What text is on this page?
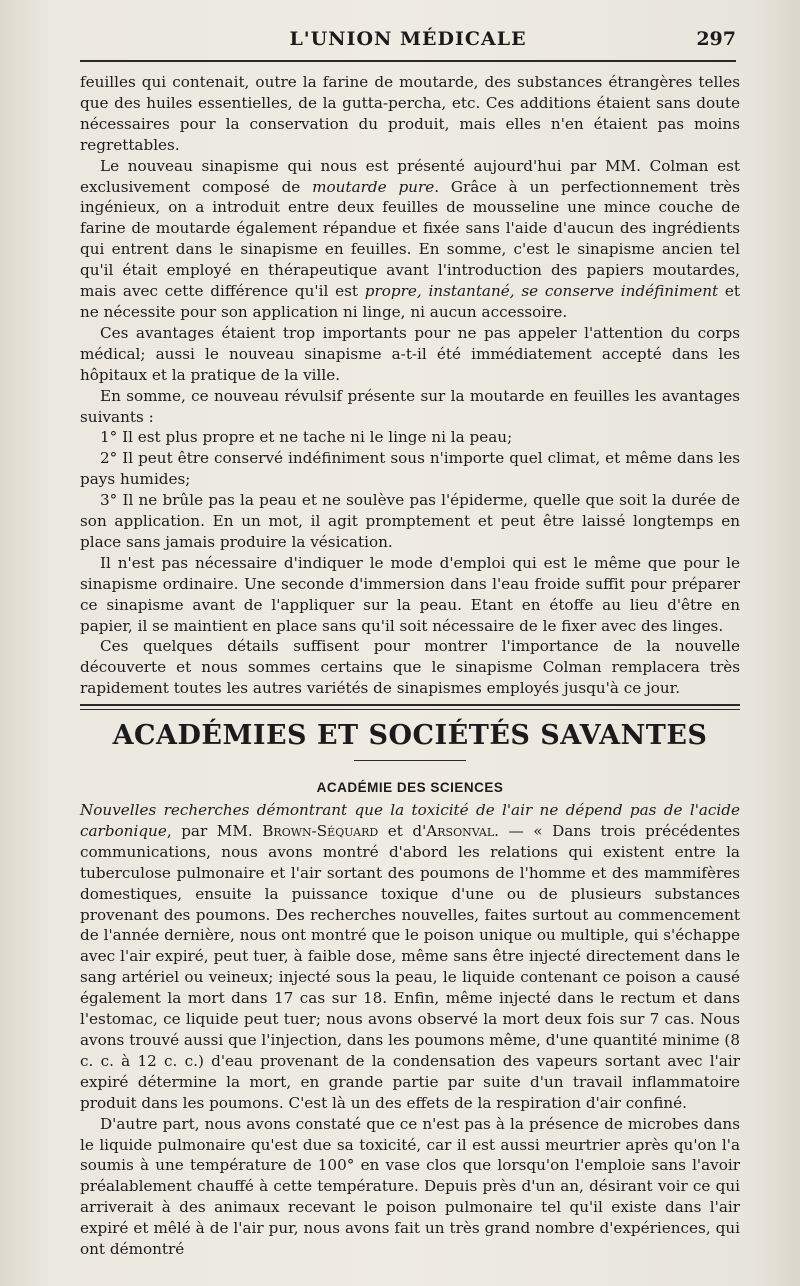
L'UNION MÉDICALE	297

feuilles qui contenait, outre la farine de moutarde, des substances étrangères telles que des huiles essentielles, de la gutta-percha, etc. Ces additions étaient sans doute nécessaires pour la conservation du produit, mais elles n'en étaient pas moins regrettables.

Le nouveau sinapisme qui nous est présenté aujourd'hui par MM. Colman est exclusivement composé de moutarde pure. Grâce à un perfectionnement très ingénieux, on a introduit entre deux feuilles de mousseline une mince couche de farine de moutarde également répandue et fixée sans l'aide d'aucun des ingrédients qui entrent dans le sinapisme en feuilles. En somme, c'est le sinapisme ancien tel qu'il était employé en thérapeutique avant l'introduction des papiers moutardes, mais avec cette différence qu'il est propre, instantané, se conserve indéfiniment et ne nécessite pour son application ni linge, ni aucun accessoire.

Ces avantages étaient trop importants pour ne pas appeler l'attention du corps médical; aussi le nouveau sinapisme a-t-il été immédiatement accepté dans les hôpitaux et la pratique de la ville.

En somme, ce nouveau révulsif présente sur la moutarde en feuilles les avantages suivants :

1° Il est plus propre et ne tache ni le linge ni la peau;

2° Il peut être conservé indéfiniment sous n'importe quel climat, et même dans les pays humides;

3° Il ne brûle pas la peau et ne soulève pas l'épiderme, quelle que soit la durée de son application. En un mot, il agit promptement et peut être laissé longtemps en place sans jamais produire la vésication.

Il n'est pas nécessaire d'indiquer le mode d'emploi qui est le même que pour le sinapisme ordinaire. Une seconde d'immersion dans l'eau froide suffit pour préparer ce sinapisme avant de l'appliquer sur la peau. Etant en étoffe au lieu d'être en papier, il se maintient en place sans qu'il soit nécessaire de le fixer avec des linges.

Ces quelques détails suffisent pour montrer l'importance de la nouvelle découverte et nous sommes certains que le sinapisme Colman remplacera très rapidement toutes les autres variétés de sinapismes employés jusqu'à ce jour.

ACADÉMIES ET SOCIÉTÉS SAVANTES
ACADÉMIE DES SCIENCES

Nouvelles recherches démontrant que la toxicité de l'air ne dépend pas de l'acide carbonique, par MM. Brown-Séquard et d'Arsonval. — « Dans trois précédentes communications, nous avons montré d'abord les relations qui existent entre la tuberculose pulmonaire et l'air sortant des poumons de l'homme et des mammifères domestiques, ensuite la puissance toxique d'une ou de plusieurs substances provenant des poumons. Des recherches nouvelles, faites surtout au commencement de l'année dernière, nous ont montré que le poison unique ou multiple, qui s'échappe avec l'air expiré, peut tuer, à faible dose, même sans être injecté directement dans le sang artériel ou veineux; injecté sous la peau, le liquide contenant ce poison a causé également la mort dans 17 cas sur 18. Enfin, même injecté dans le rectum et dans l'estomac, ce liquide peut tuer; nous avons observé la mort deux fois sur 7 cas. Nous avons trouvé aussi que l'injection, dans les poumons même, d'une quantité minime (8 c. c. à 12 c. c.) d'eau provenant de la condensation des vapeurs sortant avec l'air expiré détermine la mort, en grande partie par suite d'un travail inflammatoire produit dans les poumons. C'est là un des effets de la respiration d'air confiné.

D'autre part, nous avons constaté que ce n'est pas à la présence de microbes dans le liquide pulmonaire qu'est due sa toxicité, car il est aussi meurtrier après qu'on l'a soumis à une température de 100° en vase clos que lorsqu'on l'emploie sans l'avoir préalablement chauffé à cette température. Depuis près d'un an, désirant voir ce qui arriverait à des animaux recevant le poison pulmonaire tel qu'il existe dans l'air expiré et mêlé à de l'air pur, nous avons fait un très grand nombre d'expériences, qui ont démontré
